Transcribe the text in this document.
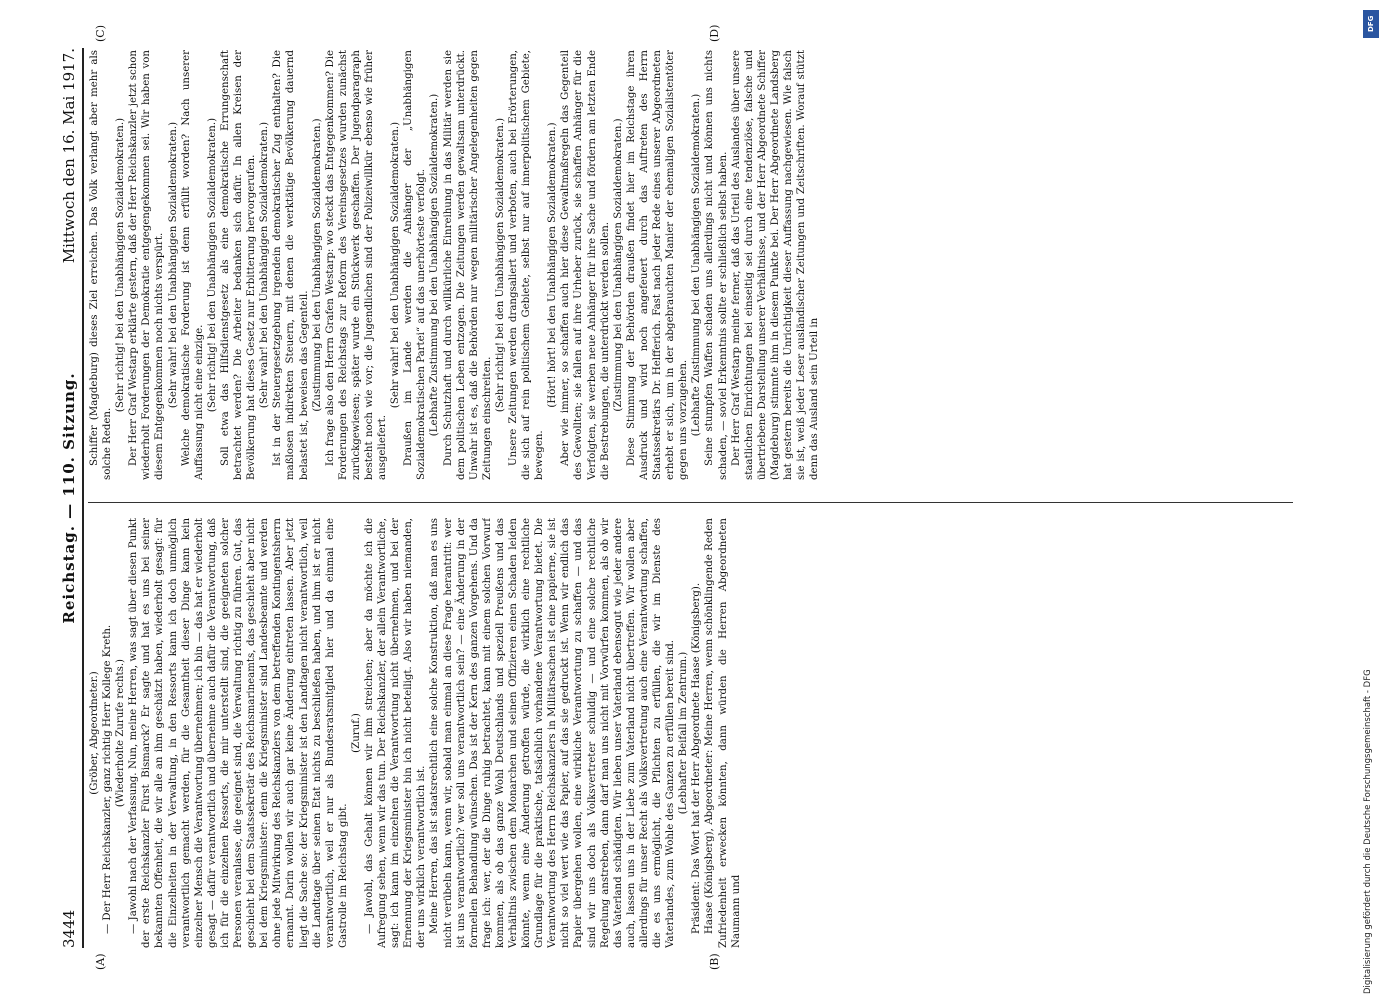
3444
Reichstag. — 110. Sitzung.
Mittwoch den 16. Mai 1917.
(A)	(B)
(C)	(D)

(Gröber, Abgeordneter.) — Der Herr Reichskanzler, ganz richtig Herr Kollege Kreth. (Wiederholte Zurufe rechts.) — Jawohl nach der Verfassung. Nun, meine Herren, was sagt über diesen Punkt der erste Reichskanzler Fürst Bismarck? Er sagte und hat es uns bei seiner bekannten Offenheit, die wir alle an ihm geschätzt haben, wiederholt gesagt: für die Einzelheiten in der Verwaltung, in den Ressorts kann ich doch unmöglich verantwortlich gemacht werden, für die Gesamtheit dieser Dinge kann kein einzelner Mensch die Verantwortung übernehmen; ich bin — das hat er wiederholt gesagt — dafür verantwortlich und übernehme auch dafür die Verantwortung, daß ich für die einzelnen Ressorts, die mir unterstellt sind, die geeigneten solcher Personen veranlasse, die geeignet sind, die Verwaltung richtig zu führen. Gut, das geschieht bei dem Staatssekretär des Reichsmarineamts, das geschieht aber nicht bei dem Kriegsminister: denn die Kriegsminister sind Landesbeamte und werden ohne jede Mitwirkung des Reichskanzlers von dem betreffenden Kontingentsherrn ernannt. Darin wollen wir auch gar keine Änderung eintreten lassen. Aber jetzt liegt die Sache so: der Kriegsminister ist den Landtagen nicht verantwortlich, weil die Landtage über seinen Etat nichts zu beschließen haben, und ihm ist er nicht verantwortlich, weil er nur als Bundesratsmitglied hier und da einmal eine Gastrolle im Reichstag gibt.

(Zuruf.) — Jawohl, das Gehalt können wir ihm streichen; aber da möchte ich die Aufregung sehen, wenn wir das tun. Der Reichskanzler, der allein Verantwortliche, sagt: ich kann im einzelnen die Verantwortung nicht übernehmen, und bei der Ernennung der Kriegsminister bin ich nicht beteiligt. Also wir haben niemanden, der uns wirklich verantwortlich ist. Meine Herren, das ist staatsrechtlich eine solche Konstruktion, daß man es uns nicht verübeln kann, wenn wir, sobald man einmal an diese Frage herantritt: wer ist uns verantwortlich? wer soll uns verantwortlich sein? — eine Änderung in der formellen Behandlung wünschen. Das ist der Kern des ganzen Vorgehens. Und da frage ich: wer, der die Dinge ruhig betrachtet, kann mit einem solchen Vorwurf kommen, als ob das ganze Wohl Deutschlands und speziell Preußens und das Verhältnis zwischen dem Monarchen und seinen Offizieren einen Schaden leiden könnte, wenn eine Änderung getroffen würde, die wirklich eine rechtliche Grundlage für die praktische, tatsächlich vorhandene Verantwortung bietet. Die Verantwortung des Herrn Reichskanzlers in Militärsachen ist eine papierne, sie ist nicht so viel wert wie das Papier, auf das sie gedruckt ist. Wenn wir endlich das Papier übergehen wollen, eine wirkliche Verantwortung zu schaffen — und das sind wir uns doch als Volksvertreter schuldig — und eine solche rechtliche Regelung anstreben, dann darf man uns nicht mit Vorwürfen kommen, als ob wir das Vaterland schädigten. Wir lieben unser Vaterland ebensogut wie jeder andere auch, lassen uns in der Liebe zum Vaterland nicht übertreffen. Wir wollen aber allerdings für unser Recht als Volksvertretung auch eine Verantwortung schaffen, die es uns ermöglicht, die Pflichten zu erfüllen, die wir im Dienste des Vaterlandes, zum Wohle des Ganzen zu erfüllen bereit sind. (Lebhafter Beifall im Zentrum.) Präsident: Das Wort hat der Herr Abgeordnete Haase (Königsberg). Haase (Königsberg), Abgeordneter: Meine Herren, wenn schönklingende Reden Zufriedenheit erwecken könnten, dann würden die Herren Abgeordneten Naumann und

Schiffer (Magdeburg) dieses Ziel erreichen. Das Volk verlangt aber mehr als solche Reden.

(Sehr richtig! bei den Unabhängigen Sozialdemokraten.) Der Herr Graf Westarp erklärte gestern, daß der Herr Reichskanzler jetzt schon wiederholt Forderungen der Demokratie entgegengekommen sei. Wir haben von diesem Entgegenkommen noch nichts verspürt. (Sehr wahr! bei den Unabhängigen Sozialdemokraten.) Welche demokratische Forderung ist denn erfüllt worden? Nach unserer Auffassung nicht eine einzige. (Sehr richtig! bei den Unabhängigen Sozialdemokraten.) Soll etwa das Hilfsdienstgesetz als eine demokratische Errungenschaft betrachtet werden? Die Arbeiter bedanken sich dafür. In allen Kreisen der Bevölkerung hat dieses Gesetz nur Erbitterung hervorgerufen. (Sehr wahr! bei den Unabhängigen Sozialdemokraten.) Ist in der Steuergesetzgebung irgendein demokratischer Zug enthalten? Die maßlosen indirekten Steuern, mit denen die werktätige Bevölkerung dauernd belastet ist, beweisen das Gegenteil. (Zustimmung bei den Unabhängigen Sozialdemokraten.) Ich frage also den Herrn Grafen Westarp: wo steckt das Entgegenkommen? Die Forderungen des Reichstags zur Reform des Vereinsgesetzes wurden zunächst zurückgewiesen; später wurde ein Stückwerk geschaffen. Der Jugendparagraph besteht noch wie vor; die Jugendlichen sind der Polizeiwillkür ebenso wie früher ausgeliefert.

(Sehr wahr! bei den Unabhängigen Sozialdemokraten.) Draußen im Lande werden die Anhänger der „Unabhängigen Sozialdemokratischen Partei“ auf das unerhörteste verfolgt. (Lebhafte Zustimmung bei den Unabhängigen Sozialdemokraten.) Durch Schutzhaft und durch willkürliche Einreihung in das Militär werden sie dem politischen Leben entzogen. Die Zeitungen werden gewaltsam unterdrückt. Unwahr ist es, daß die Behörden nur wegen militärischer Angelegenheiten gegen Zeitungen einschreiten.

(Sehr richtig! bei den Unabhängigen Sozialdemokraten.) Unsere Zeitungen werden drangsaliert und verboten, auch bei Erörterungen, die sich auf rein politischem Gebiete, selbst nur auf innerpolitischem Gebiete, bewegen.

(Hört! hört! bei den Unabhängigen Sozialdemokraten.) Aber wie immer, so schaffen auch hier diese Gewaltmaßregeln das Gegenteil des Gewollten; sie fallen auf ihre Urheber zurück, sie schaffen Anhänger für die Verfolgten, sie werben neue Anhänger für ihre Sache und fördern am letzten Ende die Bestrebungen, die unterdrückt werden sollen. (Zustimmung bei den Unabhängigen Sozialdemokraten.) Diese Stimmung der Behörden draußen findet hier im Reichstage ihren Ausdruck und wird noch angefeuert durch das Auftreten des Herrn Staatssekretärs Dr. Helfferich. Fast nach jeder Rede eines unserer Abgeordneten erhebt er sich, um in der abgebrauchten Manier der ehemaligen Sozialistentöter gegen uns vorzugehen. (Lebhafte Zustimmung bei den Unabhängigen Sozialdemokraten.) Seine stumpfen Waffen schaden uns allerdings nicht und können uns nichts schaden, — soviel Erkenntnis sollte er schließlich selbst haben. Der Herr Graf Westarp meinte ferner, daß das Urteil des Auslandes über unsere staatlichen Einrichtungen bei einseitig sei durch eine tendenziöse, falsche und übertriebene Darstellung unserer Verhältnisse, und der Herr Abgeordnete Schiffer (Magdeburg) stimmte ihm in diesem Punkte bei. Der Herr Abgeordnete Landsberg hat gestern bereits die Unrichtigkeit dieser Auffassung nachgewiesen. Wie falsch sie ist, weiß jeder Leser ausländischer Zeitungen und Zeitschriften. Worauf stützt denn das Ausland sein Urteil in

DFG
Digitalisierung gefördert durch die Deutsche Forschungsgemeinschaft - DFG
